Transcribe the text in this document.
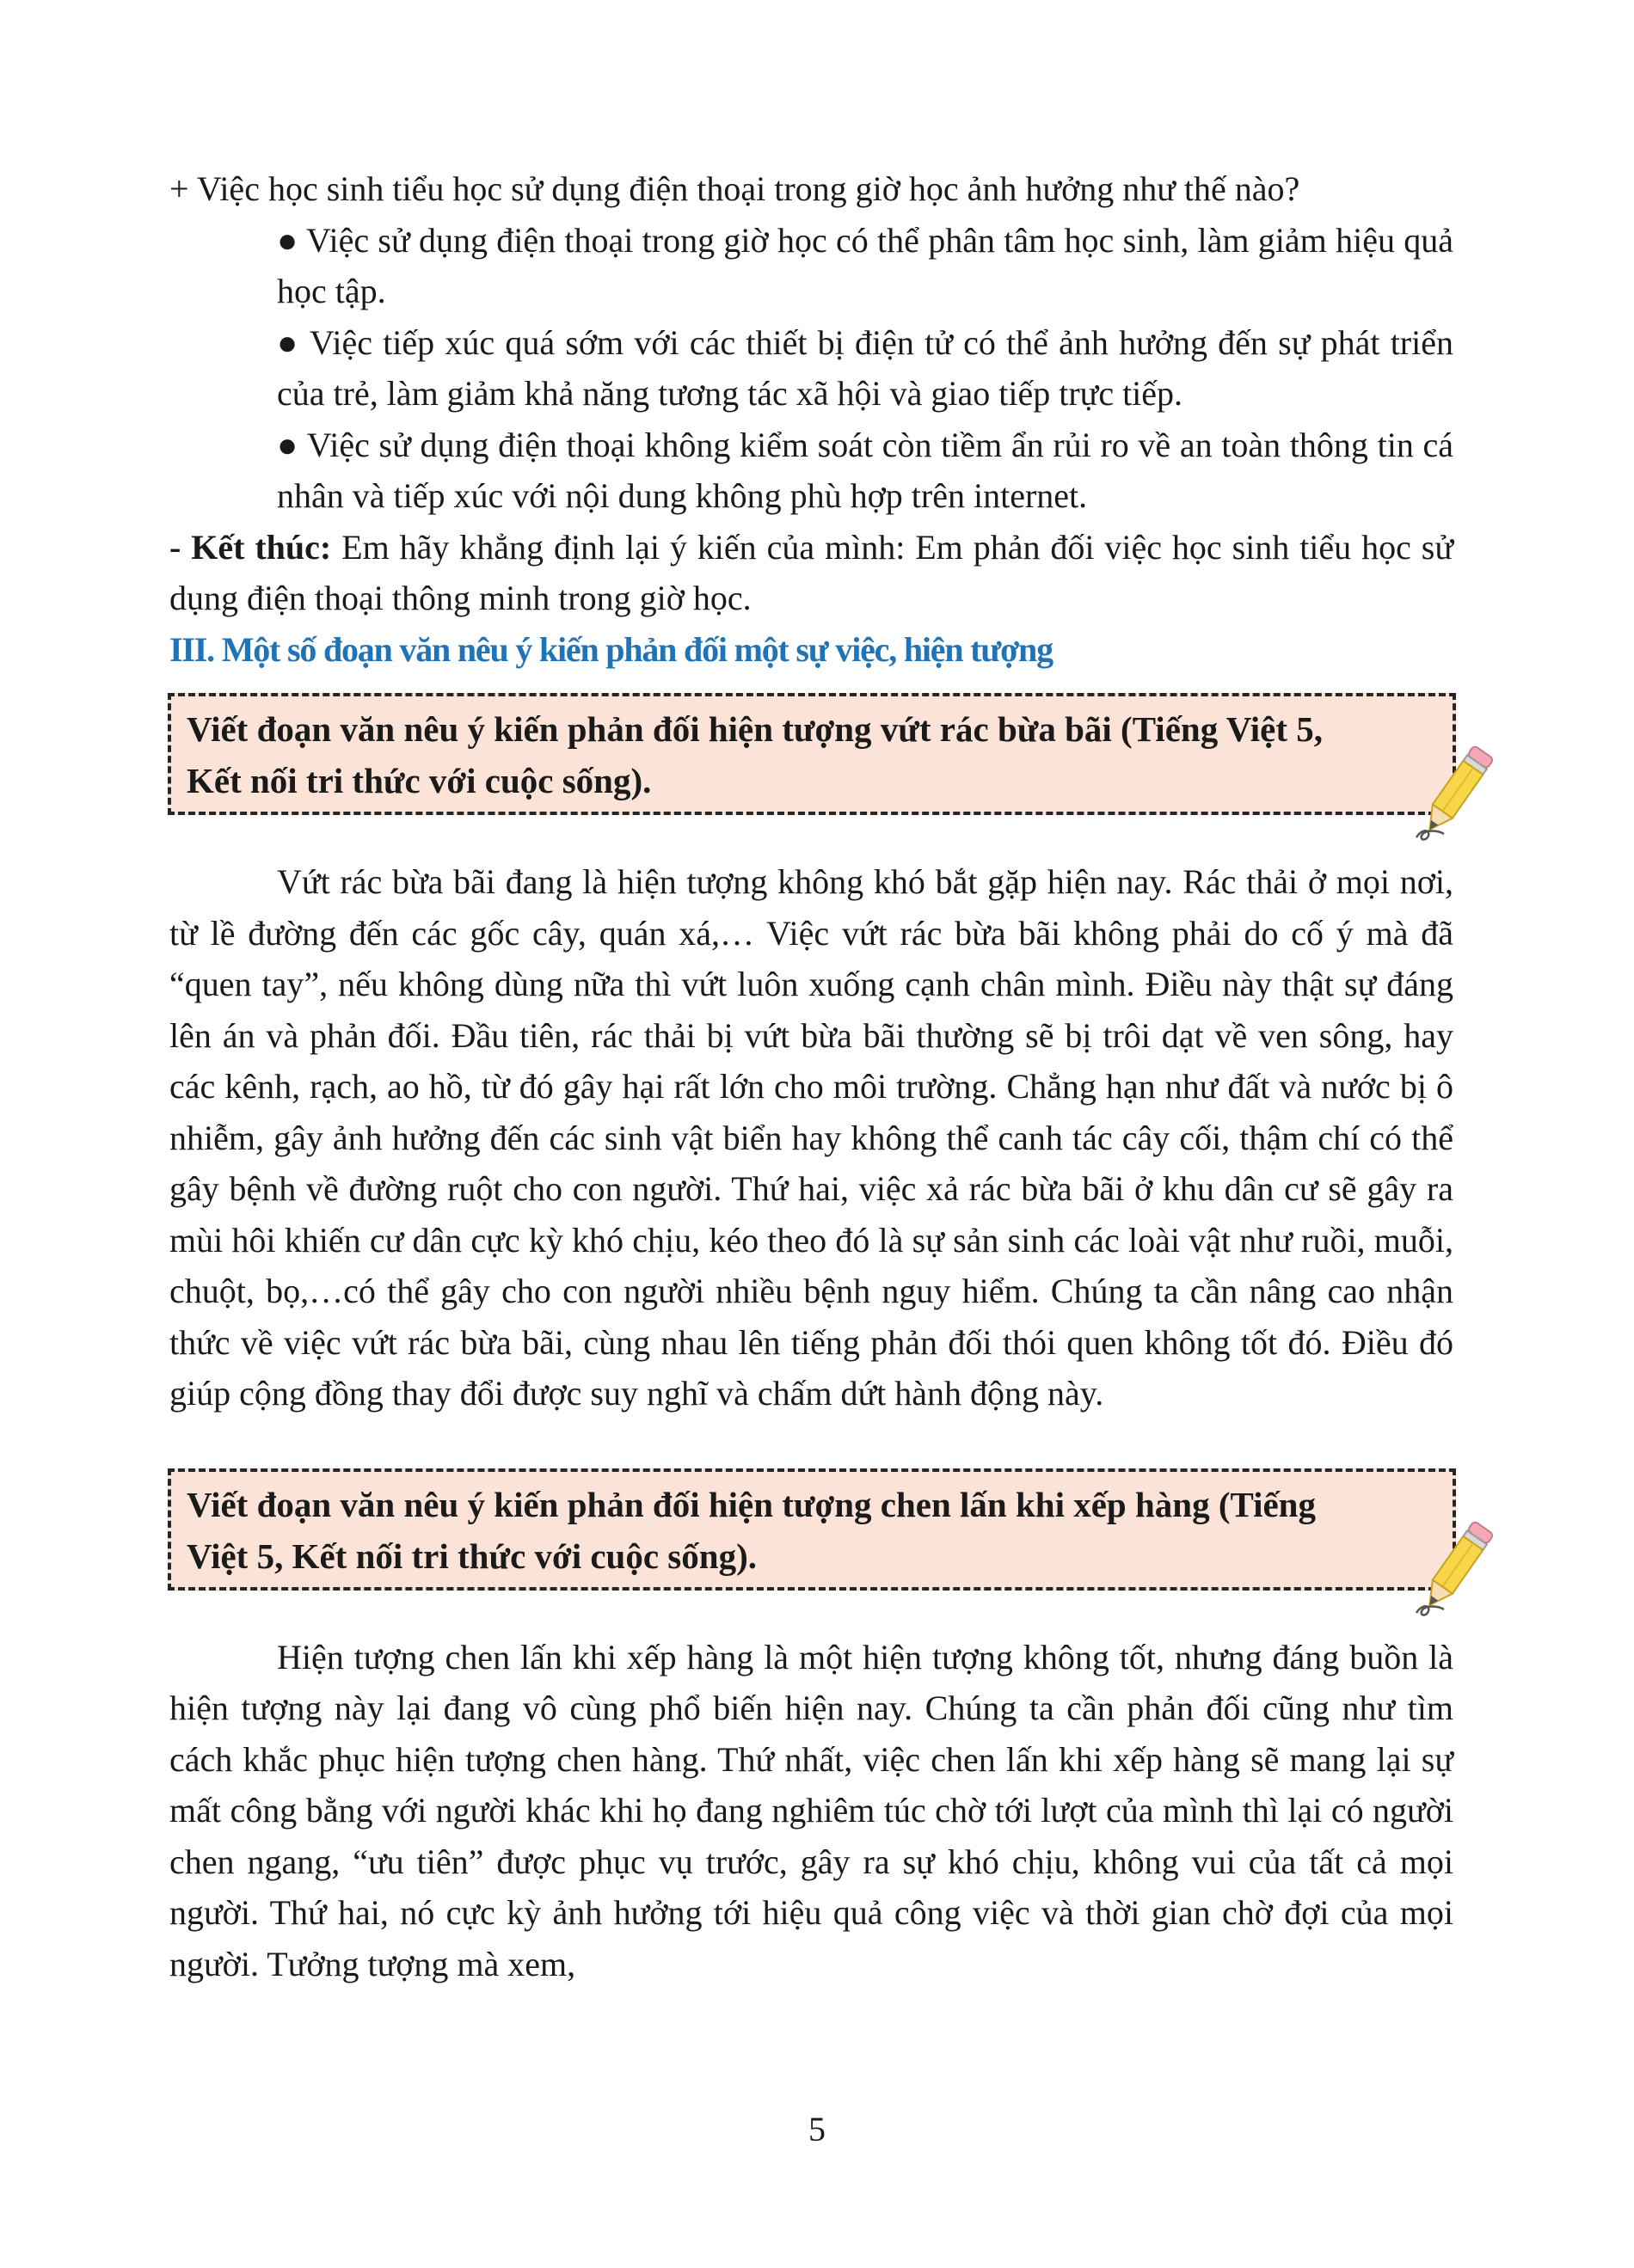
+ Việc học sinh tiểu học sử dụng điện thoại trong giờ học ảnh hưởng như thế nào?

● Việc sử dụng điện thoại trong giờ học có thể phân tâm học sinh, làm giảm hiệu quả học tập.

● Việc tiếp xúc quá sớm với các thiết bị điện tử có thể ảnh hưởng đến sự phát triển của trẻ, làm giảm khả năng tương tác xã hội và giao tiếp trực tiếp.

● Việc sử dụng điện thoại không kiểm soát còn tiềm ẩn rủi ro về an toàn thông tin cá nhân và tiếp xúc với nội dung không phù hợp trên internet.

- Kết thúc: Em hãy khẳng định lại ý kiến của mình: Em phản đối việc học sinh tiểu học sử dụng điện thoại thông minh trong giờ học.

III. Một số đoạn văn nêu ý kiến phản đối một sự việc, hiện tượng

Viết đoạn văn nêu ý kiến phản đối hiện tượng vứt rác bừa bãi (Tiếng Việt 5,
Kết nối tri thức với cuộc sống).

Vứt rác bừa bãi đang là hiện tượng không khó bắt gặp hiện nay. Rác thải ở mọi nơi, từ lề đường đến các gốc cây, quán xá,… Việc vứt rác bừa bãi không phải do cố ý mà đã “quen tay”, nếu không dùng nữa thì vứt luôn xuống cạnh chân mình. Điều này thật sự đáng lên án và phản đối. Đầu tiên, rác thải bị vứt bừa bãi thường sẽ bị trôi dạt về ven sông, hay các kênh, rạch, ao hồ, từ đó gây hại rất lớn cho môi trường. Chẳng hạn như đất và nước bị ô nhiễm, gây ảnh hưởng đến các sinh vật biển hay không thể canh tác cây cối, thậm chí có thể gây bệnh về đường ruột cho con người. Thứ hai, việc xả rác bừa bãi ở khu dân cư sẽ gây ra mùi hôi khiến cư dân cực kỳ khó chịu, kéo theo đó là sự sản sinh các loài vật như ruồi, muỗi, chuột, bọ,…có thể gây cho con người nhiều bệnh nguy hiểm. Chúng ta cần nâng cao nhận thức về việc vứt rác bừa bãi, cùng nhau lên tiếng phản đối thói quen không tốt đó. Điều đó giúp cộng đồng thay đổi được suy nghĩ và chấm dứt hành động này.

Viết đoạn văn nêu ý kiến phản đối hiện tượng chen lấn khi xếp hàng (Tiếng
Việt 5, Kết nối tri thức với cuộc sống).

Hiện tượng chen lấn khi xếp hàng là một hiện tượng không tốt, nhưng đáng buồn là hiện tượng này lại đang vô cùng phổ biến hiện nay. Chúng ta cần phản đối cũng như tìm cách khắc phục hiện tượng chen hàng. Thứ nhất, việc chen lấn khi xếp hàng sẽ mang lại sự mất công bằng với người khác khi họ đang nghiêm túc chờ tới lượt của mình thì lại có người chen ngang, “ưu tiên” được phục vụ trước, gây ra sự khó chịu, không vui của tất cả mọi người. Thứ hai, nó cực kỳ ảnh hưởng tới hiệu quả công việc và thời gian chờ đợi của mọi người. Tưởng tượng mà xem,

5
